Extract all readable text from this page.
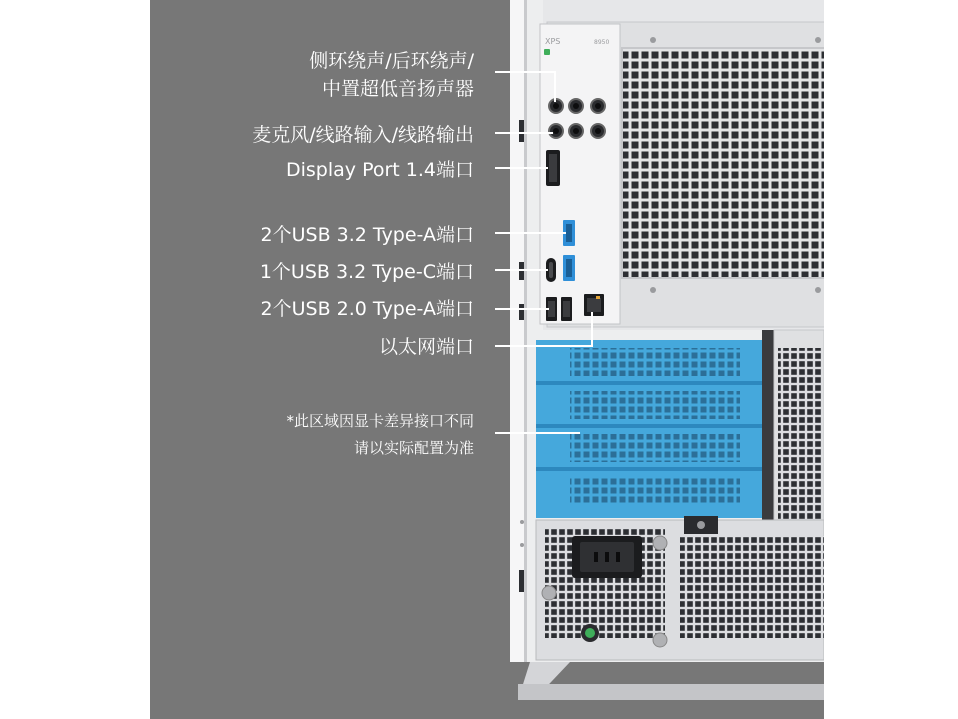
侧环绕声/后环绕声/
中置超低音扬声器
麦克风/线路输入/线路输出
Display Port 1.4端口
2个USB 3.2 Type-A端口
1个USB 3.2 Type-C端口
2个USB 2.0 Type-A端口
以太网端口
*此区域因显卡差异接口不同
请以实际配置为准
XPS	8950
